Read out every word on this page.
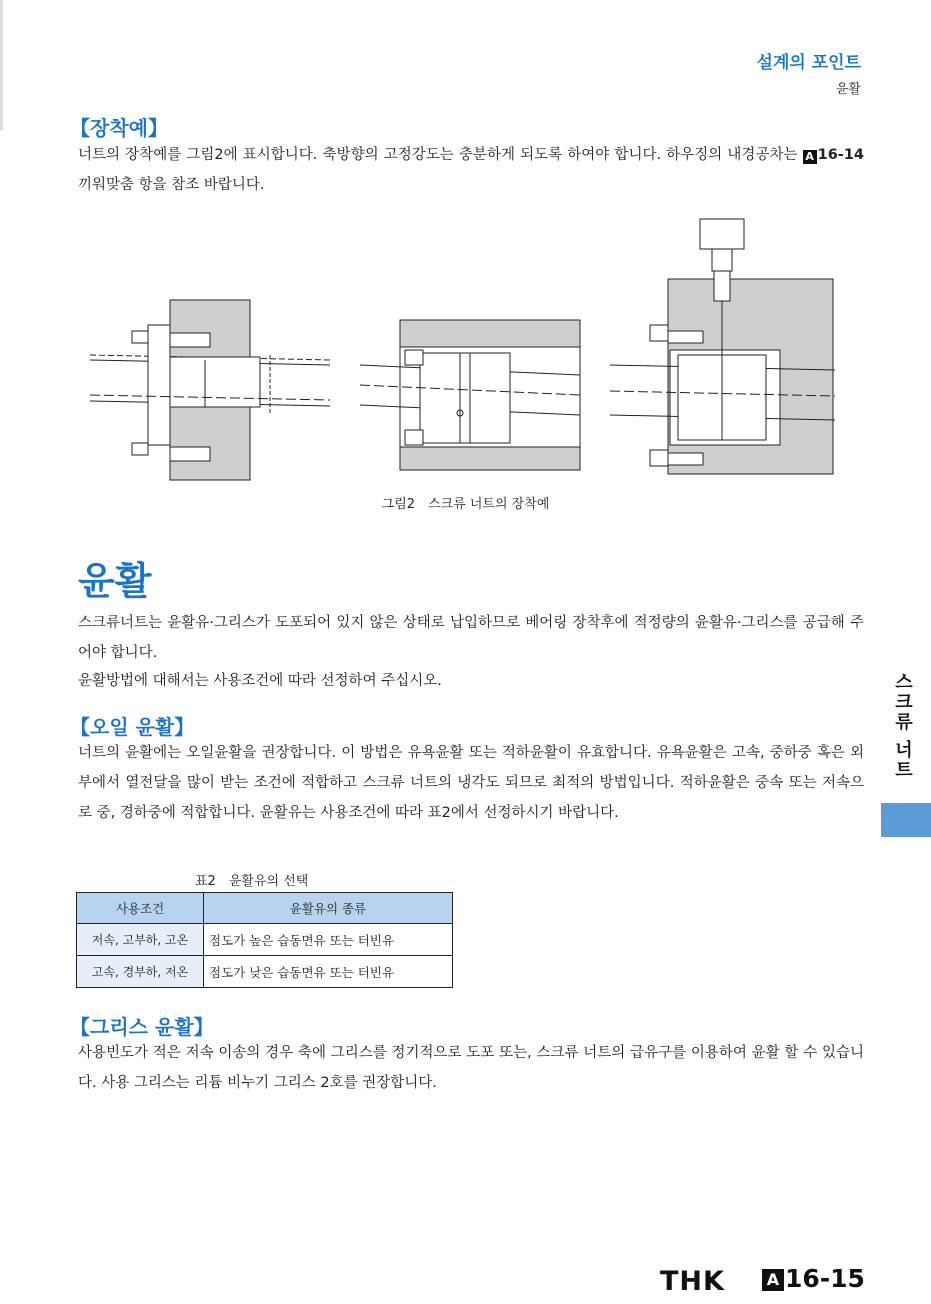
설계의 포인트
윤활
【장착예】

너트의 장착예를 그림2에 표시합니다. 축방향의 고정강도는 충분하게 되도록 하여야 합니다. 하우징의 내경공차는 A 16-14 끼워맞춤 항을 참조 바랍니다.

그림2　스크류 너트의 장착예
윤활

스크류너트는 윤활유·그리스가 도포되어 있지 않은 상태로 납입하므로 베어링 장착후에 적정량의 윤활유·그리스를 공급해 주어야 합니다.

윤활방법에 대해서는 사용조건에 따라 선정하여 주십시오.

【오일 윤활】

너트의 윤활에는 오일윤활을 권장합니다. 이 방법은 유욕윤활 또는 적하윤활이 유효합니다. 유욕윤활은 고속, 중하중 혹은 외부에서 열전달을 많이 받는 조건에 적합하고 스크류 너트의 냉각도 되므로 최적의 방법입니다. 적하윤활은 중속 또는 저속으로 중, 경하중에 적합합니다. 윤활유는 사용조건에 따라 표2에서 선정하시기 바랍니다.

표2　윤활유의 선택
사용조건	윤활유의 종류
저속, 고부하, 고온	점도가 높은 습동면유 또는 터빈유
고속, 경부하, 저온	점도가 낮은 습동면유 또는 터빈유
【그리스 윤활】

사용빈도가 적은 저속 이송의 경우 축에 그리스를 정기적으로 도포 또는, 스크류 너트의 급유구를 이용하여 윤활 할 수 있습니다. 사용 그리스는 리튬 비누기 그리스 2호를 권장합니다.

스크류 너트
THK	A 16-15
